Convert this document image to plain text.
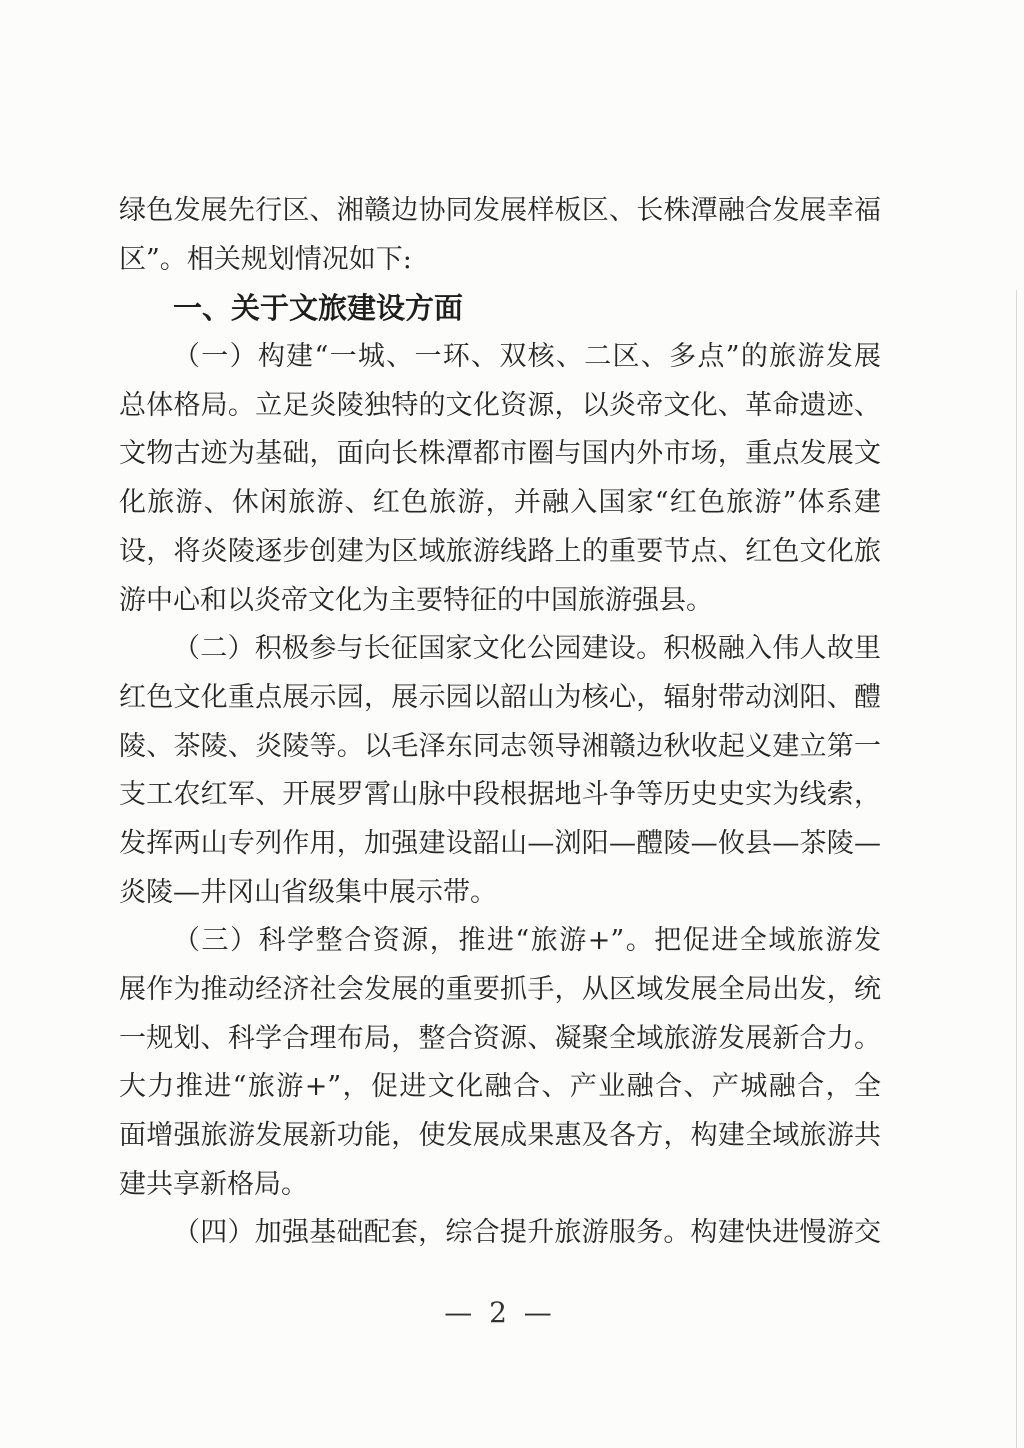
绿色发展先行区、湘赣边协同发展样板区、长株潭融合发展幸福
区”。相关规划情况如下:
一、关于文旅建设方面
（一）构建“一城、一环、双核、二区、多点”的旅游发展
总体格局。立足炎陵独特的文化资源，以炎帝文化、革命遗迹、
文物古迹为基础，面向长株潭都市圈与国内外市场，重点发展文
化旅游、休闲旅游、红色旅游，并融入国家“红色旅游”体系建
设，将炎陵逐步创建为区域旅游线路上的重要节点、红色文化旅
游中心和以炎帝文化为主要特征的中国旅游强县。
（二）积极参与长征国家文化公园建设。积极融入伟人故里
红色文化重点展示园，展示园以韶山为核心，辐射带动浏阳、醴
陵、茶陵、炎陵等。以毛泽东同志领导湘赣边秋收起义建立第一
支工农红军、开展罗霄山脉中段根据地斗争等历史史实为线索，
发挥两山专列作用，加强建设韶山—浏阳—醴陵—攸县—茶陵—
炎陵—井冈山省级集中展示带。
（三）科学整合资源，推进“旅游+”。把促进全域旅游发
展作为推动经济社会发展的重要抓手，从区域发展全局出发，统
一规划、科学合理布局，整合资源、凝聚全域旅游发展新合力。
大力推进“旅游+”，促进文化融合、产业融合、产城融合，全
面增强旅游发展新功能，使发展成果惠及各方，构建全域旅游共
建共享新格局。
（四）加强基础配套，综合提升旅游服务。构建快进慢游交
— 2 —
